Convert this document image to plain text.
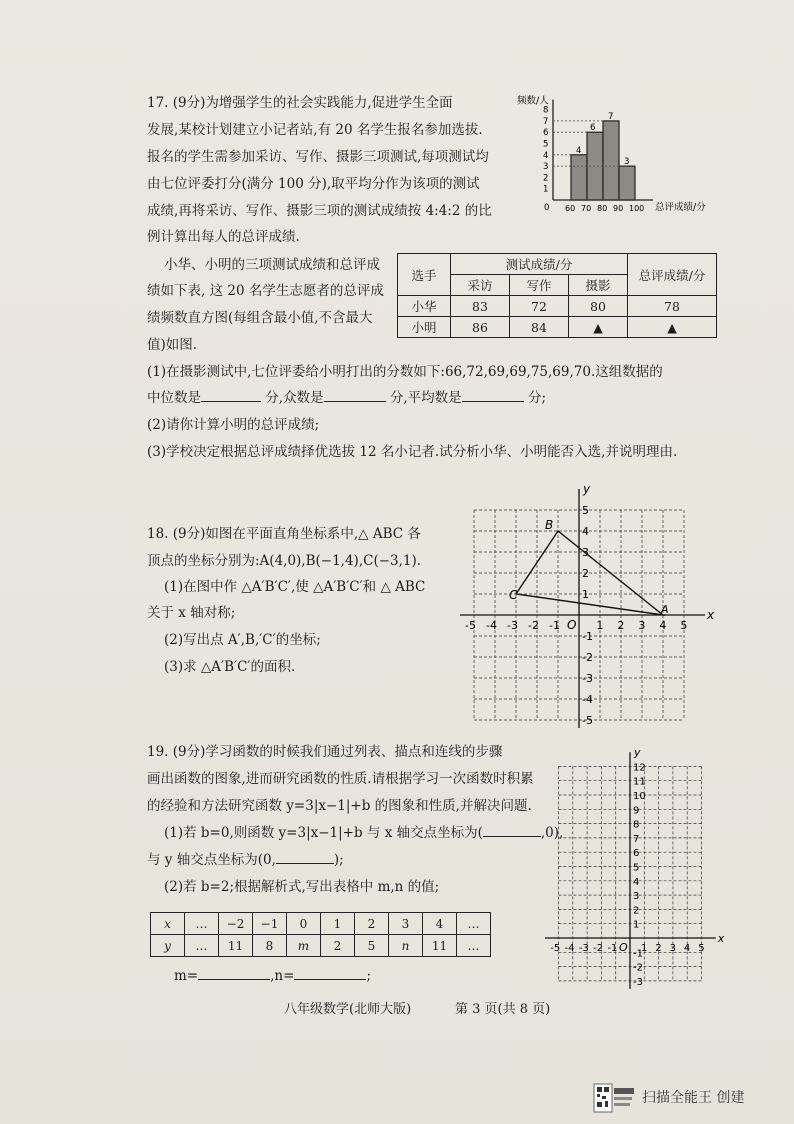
17. (9分)为增强学生的社会实践能力,促进学生全面
发展,某校计划建立小记者站,有 20 名学生报名参加选拔.
报名的学生需参加采访、写作、摄影三项测试,每项测试均
由七位评委打分(满分 100 分),取平均分作为该项的测试
成绩,再将采访、写作、摄影三项的测试成绩按 4:4:2 的比
例计算出每人的总评成绩.
小华、小明的三项测试成绩和总评成
绩如下表, 这 20 名学生志愿者的总评成
绩频数直方图(每组含最小值,不含最大
值)如图.
频数/人
总评成绩/分
0
1
2
3
4
5
6
7
8
60 70 80 90 100
4
6
7
3
选手	测试成绩/分			总评成绩/分
	采访	写作	摄影	
小华	83	72	80	78
小明	86	84	▲	▲
(1)在摄影测试中,七位评委给小明打出的分数如下:66,72,69,69,75,69,70.这组数据的
中位数是	分,众数是	分,平均数是	分;
(2)请你计算小明的总评成绩;
(3)学校决定根据总评成绩择优选拔 12 名小记者.试分析小华、小明能否入选,并说明理由.
18. (9分)如图在平面直角坐标系中,△ ABC 各
顶点的坐标分别为:A(4,0),B(−1,4),C(−3,1).
(1)在图中作 △A′B′C′,使 △A′B′C′和 △ ABC
关于 x 轴对称;
(2)写出点 A′,B,′C′的坐标;
(3)求 △A′B′C′的面积.
x
y
O
-5 -4 -3 -2 -1	1 2 3 4 5
5
4
3
2
1
-1
-2
-3
-4
-5
A
B
C
19. (9分)学习函数的时候我们通过列表、描点和连线的步骤
画出函数的图象,进而研究函数的性质.请根据学习一次函数时积累
的经验和方法研究函数 y=3|x−1|+b 的图象和性质,并解决问题.
(1)若 b=0,则函数 y=3|x−1|+b 与 x 轴交点坐标为(	,0),
与 y 轴交点坐标为(0,	);
(2)若 b=2;根据解析式,写出表格中 m,n 的值;
x	…	−2	−1	0	1	2	3	4	…
y	…	11	8	m	2	5	n	11	…
m=	,n=	;
x
y
O
-5 -4 -3 -2 -1 1 2 3 4 5
12
11
10
9
8
7
6
5
4
3
2
1
-1
-2
-3
八年级数学(北师大版)	第 3 页(共 8 页)
扫描全能王 创建
